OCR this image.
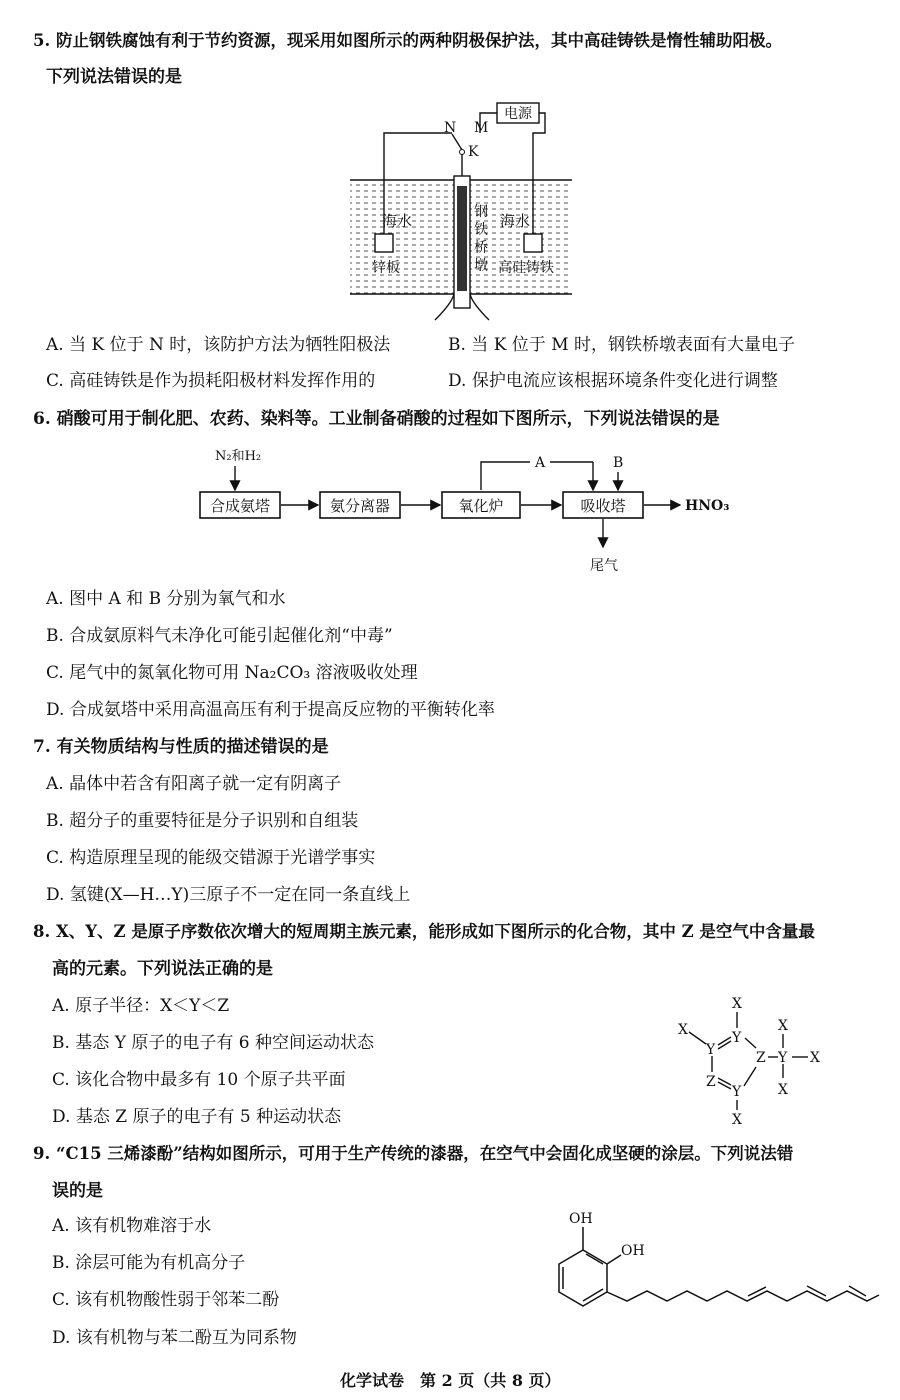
5. 防止钢铁腐蚀有利于节约资源，现采用如图所示的两种阴极保护法，其中高硅铸铁是惰性辅助阳极。
下列说法错误的是
电源
N M
K
海水	海水
钢
铁
桥
墩
锌板	高硅铸铁
A. 当 K 位于 N 时，该防护方法为牺牲阳极法	B. 当 K 位于 M 时，钢铁桥墩表面有大量电子
C. 高硅铸铁是作为损耗阳极材料发挥作用的	D. 保护电流应该根据环境条件变化进行调整
6. 硝酸可用于制化肥、农药、染料等。工业制备硝酸的过程如下图所示，下列说法错误的是
N₂和H₂
合成氨塔	氨分离器	氧化炉	吸收塔	HNO₃
A	B
尾气
A. 图中 A 和 B 分别为氧气和水
B. 合成氨原料气未净化可能引起催化剂“中毒”
C. 尾气中的氮氧化物可用 Na₂CO₃ 溶液吸收处理
D. 合成氨塔中采用高温高压有利于提高反应物的平衡转化率
7. 有关物质结构与性质的描述错误的是
A. 晶体中若含有阳离子就一定有阴离子
B. 超分子的重要特征是分子识别和自组装
C. 构造原理呈现的能级交错源于光谱学事实
D. 氢键(X—H…Y)三原子不一定在同一条直线上
8. X、Y、Z 是原子序数依次增大的短周期主族元素，能形成如下图所示的化合物，其中 Z 是空气中含量最
高的元素。下列说法正确的是
A. 原子半径：X＜Y＜Z
B. 基态 Y 原子的电子有 6 种空间运动状态
C. 该化合物中最多有 10 个原子共平面
D. 基态 Z 原子的电子有 5 种运动状态
X
Y
X
Y	Z Y X
X
X
Z
Y
X
9. “C15 三烯漆酚”结构如图所示，可用于生产传统的漆器，在空气中会固化成坚硬的涂层。下列说法错
误的是
A. 该有机物难溶于水
B. 涂层可能为有机高分子
C. 该有机物酸性弱于邻苯二酚
D. 该有机物与苯二酚互为同系物
OH
OH
化学试卷　第 2 页（共 8 页）
